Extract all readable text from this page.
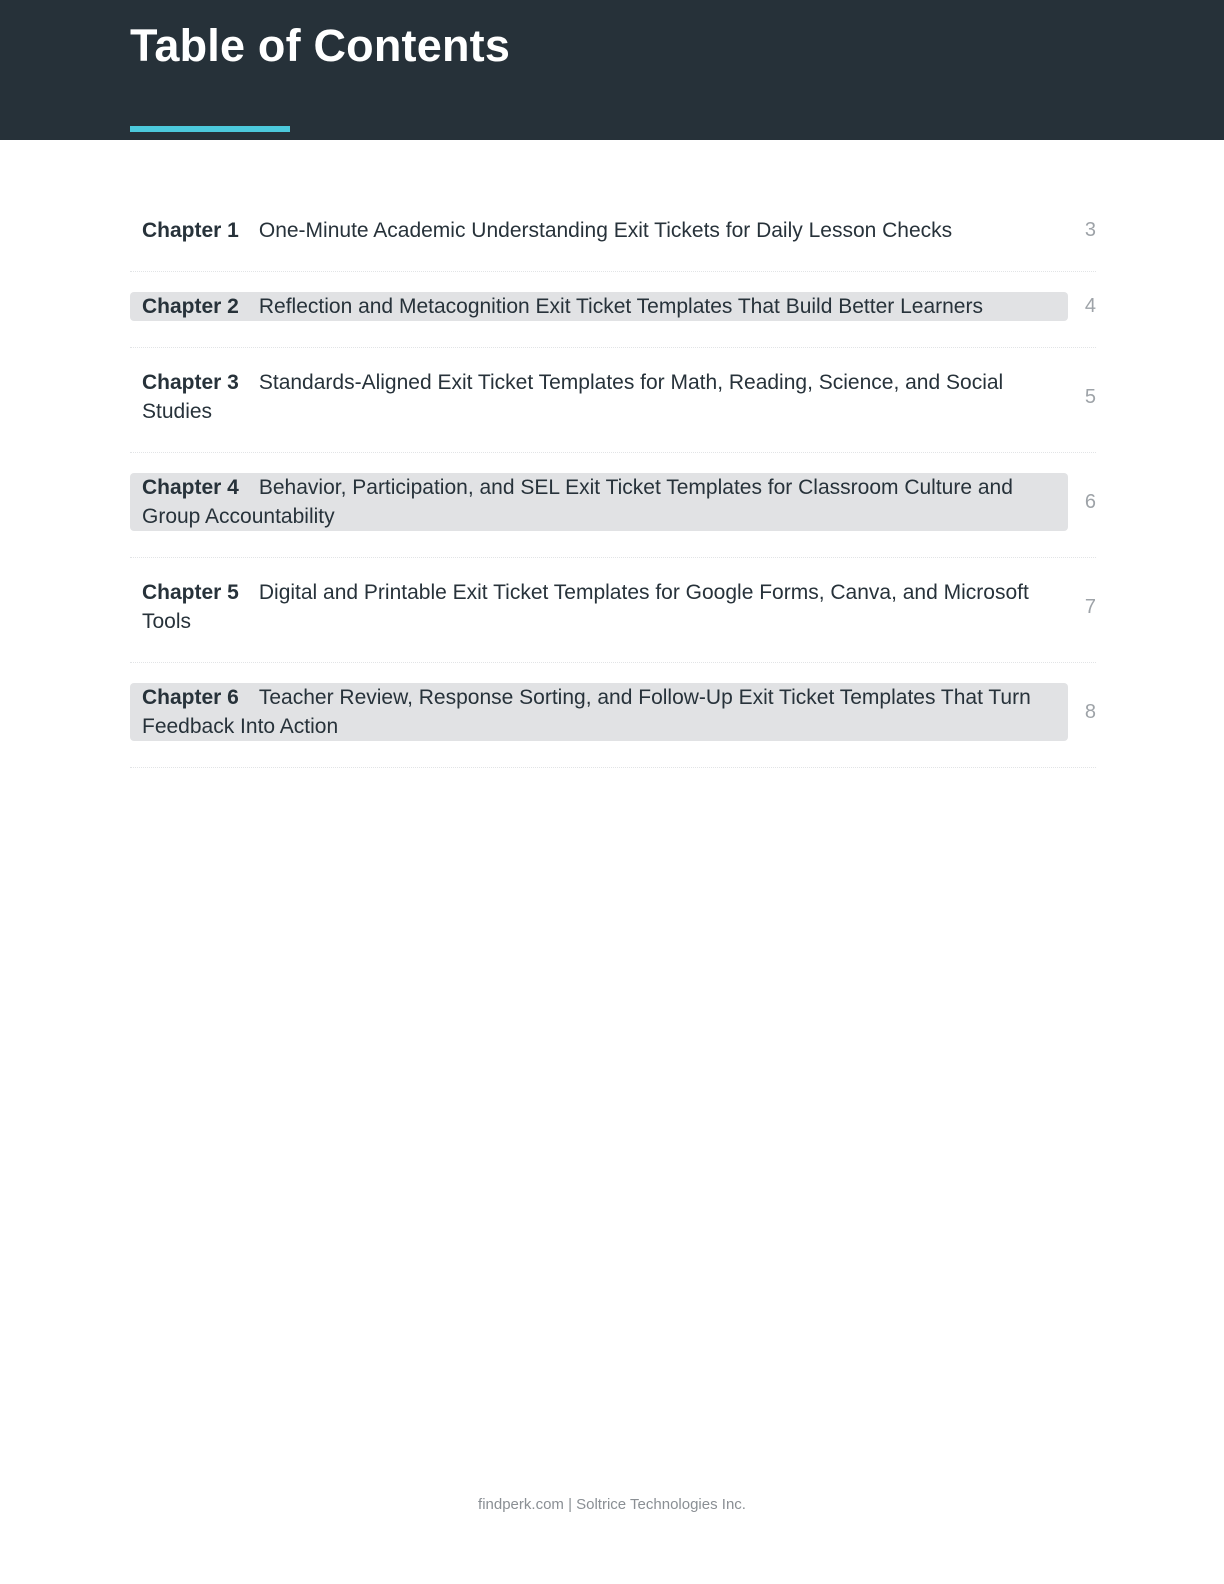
Table of Contents
Chapter 1 One-Minute Academic Understanding Exit Tickets for Daily Lesson Checks	3
Chapter 2 Reflection and Metacognition Exit Ticket Templates That Build Better Learners	4
Chapter 3 Standards-Aligned Exit Ticket Templates for Math, Reading, Science, and Social Studies
5
Chapter 4 Behavior, Participation, and SEL Exit Ticket Templates for Classroom Culture and Group Accountability
6
Chapter 5 Digital and Printable Exit Ticket Templates for Google Forms, Canva, and Microsoft Tools
7
Chapter 6 Teacher Review, Response Sorting, and Follow-Up Exit Ticket Templates That Turn Feedback Into Action
8
findperk.com | Soltrice Technologies Inc.
